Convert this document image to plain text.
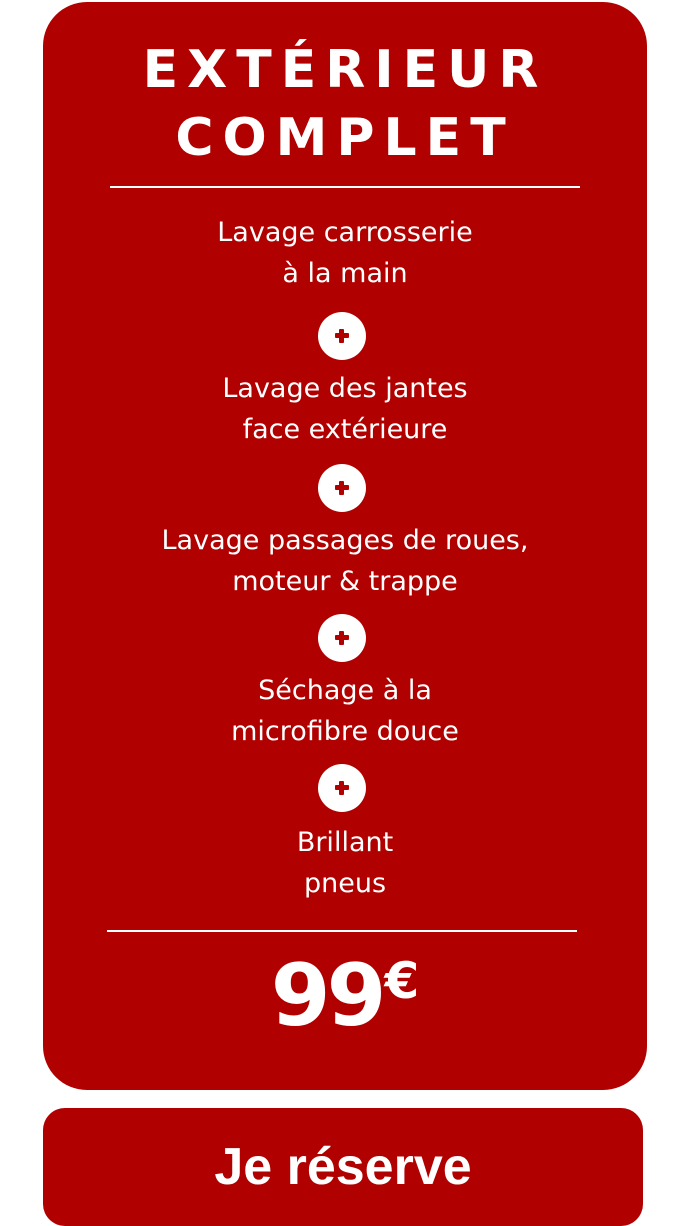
EXTÉRIEUR
COMPLET

Lavage carrosserie
à la main

Lavage des jantes
face extérieure

Lavage passages de roues,
moteur & trappe

Séchage à la
microfibre douce

Brillant
pneus

99€
Je réserve
